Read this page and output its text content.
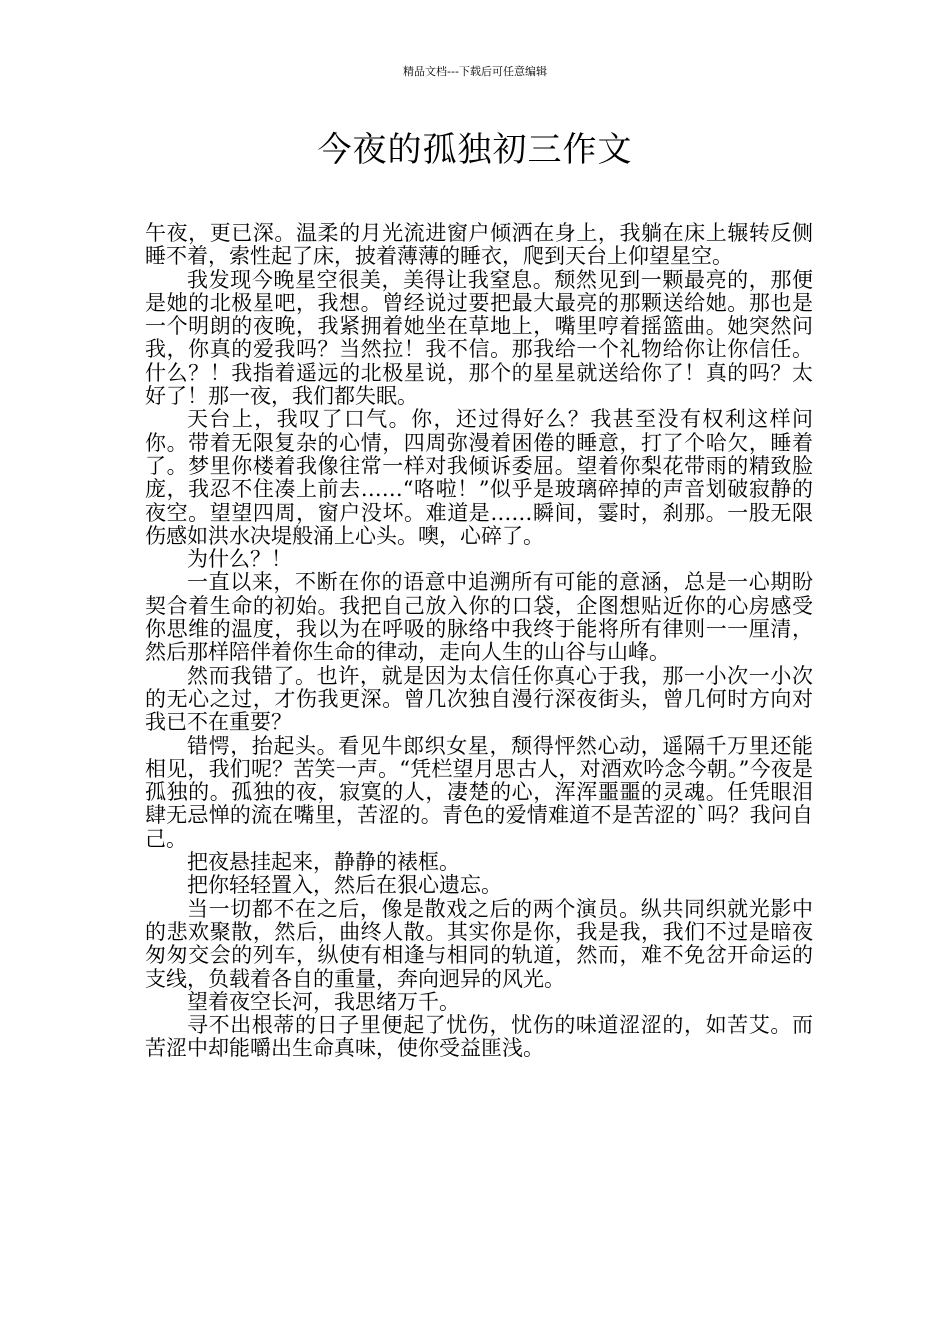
精品文档---下载后可任意编辑
今夜的孤独初三作文

午夜，更已深。温柔的月光流进窗户倾洒在身上，我躺在床上辗转反侧睡不着，索性起了床，披着薄薄的睡衣，爬到天台上仰望星空。

我发现今晚星空很美，美得让我窒息。颓然见到一颗最亮的，那便是她的北极星吧，我想。曾经说过要把最大最亮的那颗送给她。那也是一个明朗的夜晚，我紧拥着她坐在草地上，嘴里哼着摇篮曲。她突然问我，你真的爱我吗？当然拉！我不信。那我给一个礼物给你让你信任。什么？！我指着遥远的北极星说，那个的星星就送给你了！真的吗？太好了！那一夜，我们都失眠。

天台上，我叹了口气。你，还过得好么？我甚至没有权利这样问你。带着无限复杂的心情，四周弥漫着困倦的睡意，打了个哈欠，睡着了。梦里你楼着我像往常一样对我倾诉委屈。望着你梨花带雨的精致脸庞，我忍不住凑上前去……“咯啦！”似乎是玻璃碎掉的声音划破寂静的夜空。望望四周，窗户没坏。难道是……瞬间，霎时，刹那。一股无限伤感如洪水决堤般涌上心头。噢，心碎了。

为什么？！

一直以来，不断在你的语意中追溯所有可能的意涵，总是一心期盼契合着生命的初始。我把自己放入你的口袋，企图想贴近你的心房感受你思维的温度，我以为在呼吸的脉络中我终于能将所有律则一一厘清，然后那样陪伴着你生命的律动，走向人生的山谷与山峰。

然而我错了。也许，就是因为太信任你真心于我，那一小次一小次的无心之过，才伤我更深。曾几次独自漫行深夜街头，曾几何时方向对我已不在重要？

错愕，抬起头。看见牛郎织女星，颓得怦然心动，遥隔千万里还能相见，我们呢？苦笑一声。“凭栏望月思古人，对酒欢吟念今朝。”今夜是孤独的。孤独的夜，寂寞的人，凄楚的心，浑浑噩噩的灵魂。任凭眼泪肆无忌惮的流在嘴里，苦涩的。青色的爱情难道不是苦涩的`吗？我问自己。

把夜悬挂起来，静静的裱框。

把你轻轻置入，然后在狠心遗忘。

当一切都不在之后，像是散戏之后的两个演员。纵共同织就光影中的悲欢聚散，然后，曲终人散。其实你是你，我是我，我们不过是暗夜匆匆交会的列车，纵使有相逢与相同的轨道，然而，难不免岔开命运的支线，负载着各自的重量，奔向迥异的风光。

望着夜空长河，我思绪万千。

寻不出根蒂的日子里便起了忧伤，忧伤的味道涩涩的，如苦艾。而苦涩中却能嚼出生命真味，使你受益匪浅。
